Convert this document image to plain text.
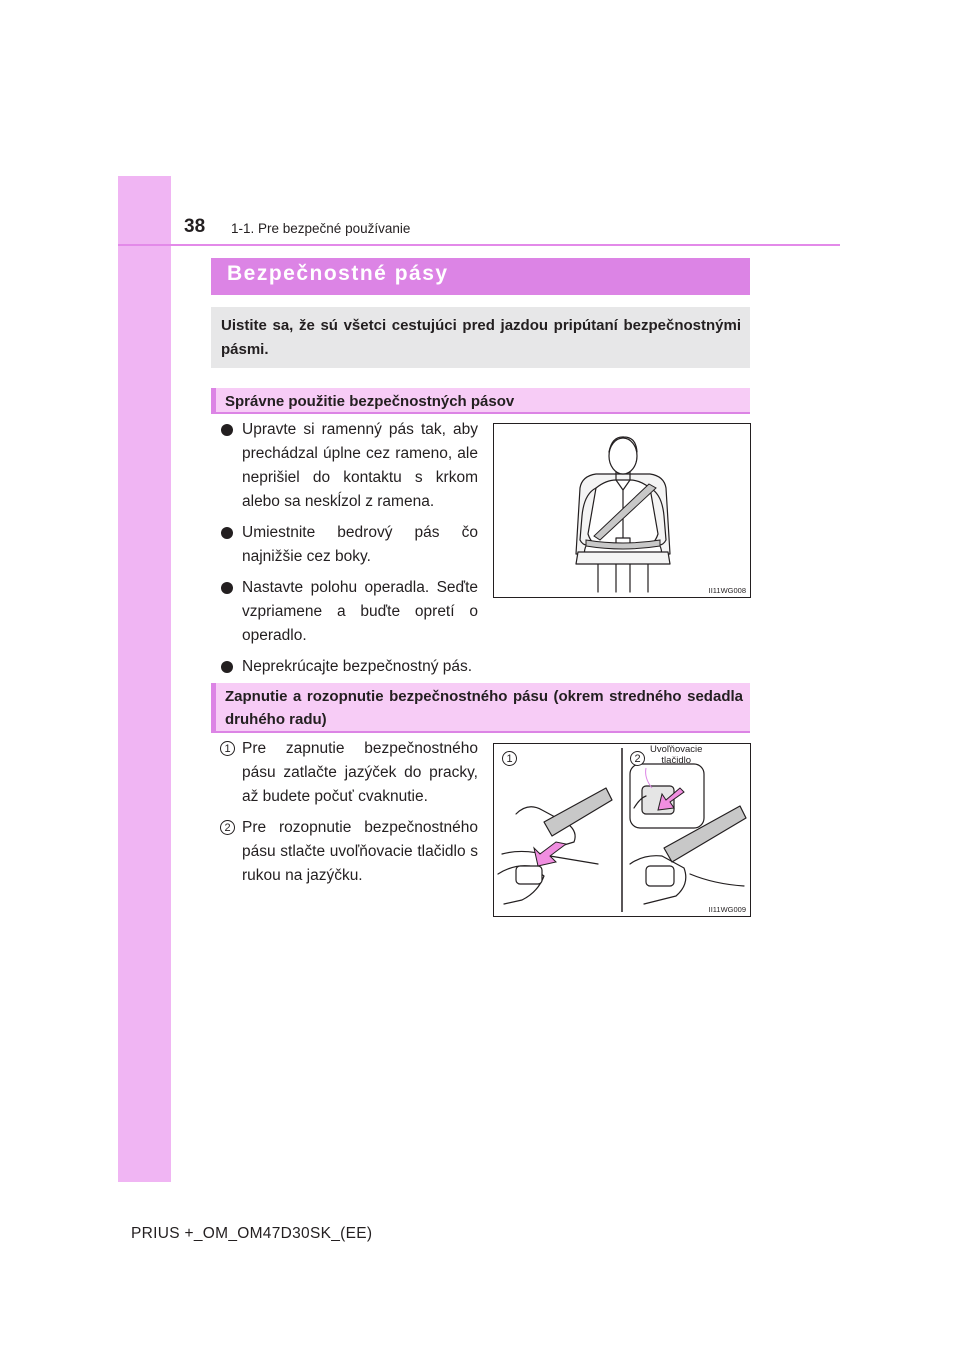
38 1-1. Pre bezpečné používanie
Bezpečnostné pásy
Uistite sa, že sú všetci cestujúci pred jazdou pripútaní bezpečnostnými pásmi.
Správne použitie bezpečnostných pásov
Upravte si ramenný pás tak, aby prechádzal úplne cez rameno, ale neprišiel do kontaktu s krkom alebo sa neskĺzol z ramena.
Umiestnite bedrový pás čo najnižšie cez boky.
Nastavte polohu operadla. Seďte vzpriamene a buďte opretí o operadlo.
Neprekrúcajte bezpečnostný pás.
II11WG008
Zapnutie a rozopnutie bezpečnostného pásu (okrem stredného sedadla druhého radu)
1 Pre zapnutie bezpečnostného pásu zatlačte jazýček do pracky, až budete počuť cvaknutie.
2 Pre rozopnutie bezpečnostného pásu stlačte uvoľňovacie tlačidlo s rukou na jazýčku.
1	2
Uvoľňovacie
tlačidlo
II11WG009
PRIUS +_OM_OM47D30SK_(EE)
